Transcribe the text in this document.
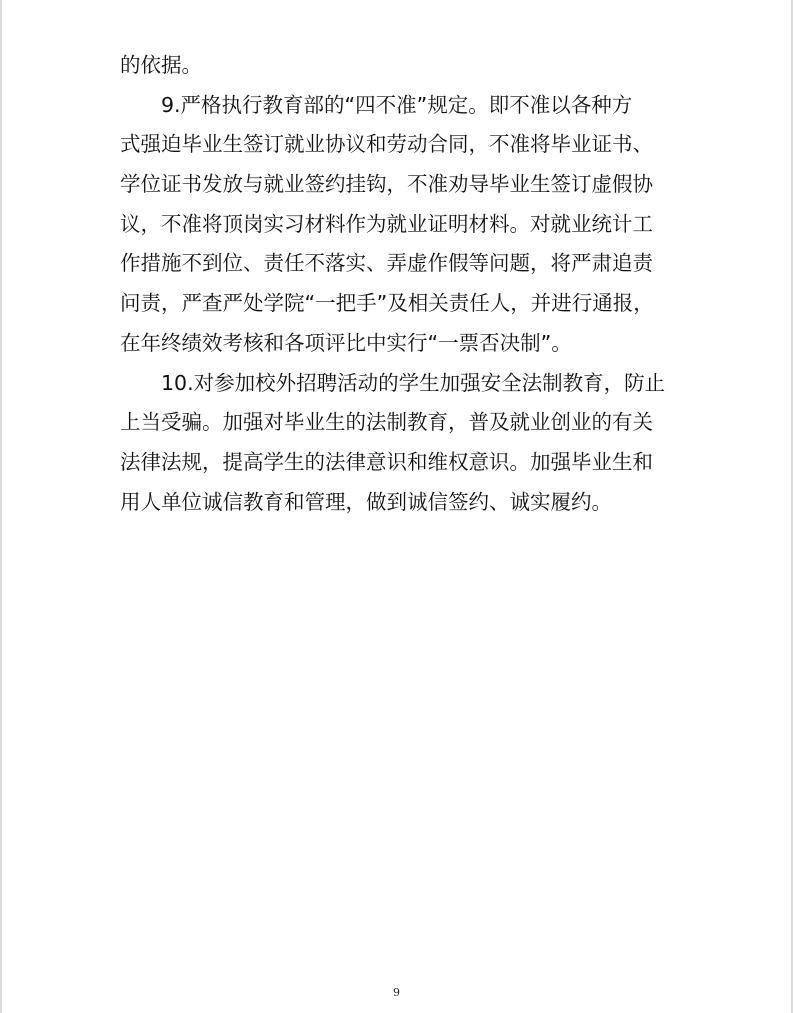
的依据。
9.严格执行教育部的“四不准”规定。即不准以各种方
式强迫毕业生签订就业协议和劳动合同，不准将毕业证书、
学位证书发放与就业签约挂钩，不准劝导毕业生签订虚假协
议，不准将顶岗实习材料作为就业证明材料。对就业统计工
作措施不到位、责任不落实、弄虚作假等问题，将严肃追责
问责，严查严处学院“一把手”及相关责任人，并进行通报，
在年终绩效考核和各项评比中实行“一票否决制”。
10.对参加校外招聘活动的学生加强安全法制教育，防止
上当受骗。加强对毕业生的法制教育，普及就业创业的有关
法律法规，提高学生的法律意识和维权意识。加强毕业生和
用人单位诚信教育和管理，做到诚信签约、诚实履约。
9
